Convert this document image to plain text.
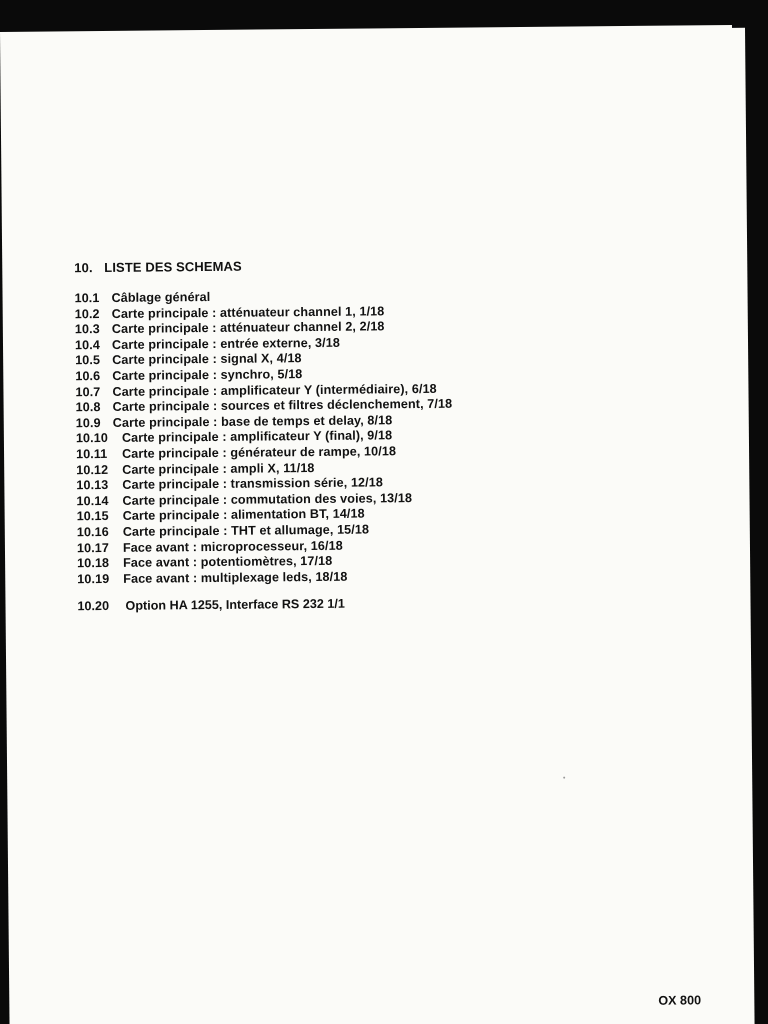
10. LISTE DES SCHEMAS
10.1 Câblage général
10.2 Carte principale : atténuateur channel 1, 1/18
10.3 Carte principale : atténuateur channel 2, 2/18
10.4 Carte principale : entrée externe, 3/18
10.5 Carte principale : signal X, 4/18
10.6 Carte principale : synchro, 5/18
10.7 Carte principale : amplificateur Y (intermédiaire), 6/18
10.8 Carte principale : sources et filtres déclenchement, 7/18
10.9 Carte principale : base de temps et delay, 8/18
10.10 Carte principale : amplificateur Y (final), 9/18
10.11 Carte principale : générateur de rampe, 10/18
10.12 Carte principale : ampli X, 11/18
10.13 Carte principale : transmission série, 12/18
10.14 Carte principale : commutation des voies, 13/18
10.15 Carte principale : alimentation BT, 14/18
10.16 Carte principale : THT et allumage, 15/18
10.17 Face avant : microprocesseur, 16/18
10.18 Face avant : potentiomètres, 17/18
10.19 Face avant : multiplexage leds, 18/18
10.20 Option HA 1255, Interface RS 232 1/1
OX 800
